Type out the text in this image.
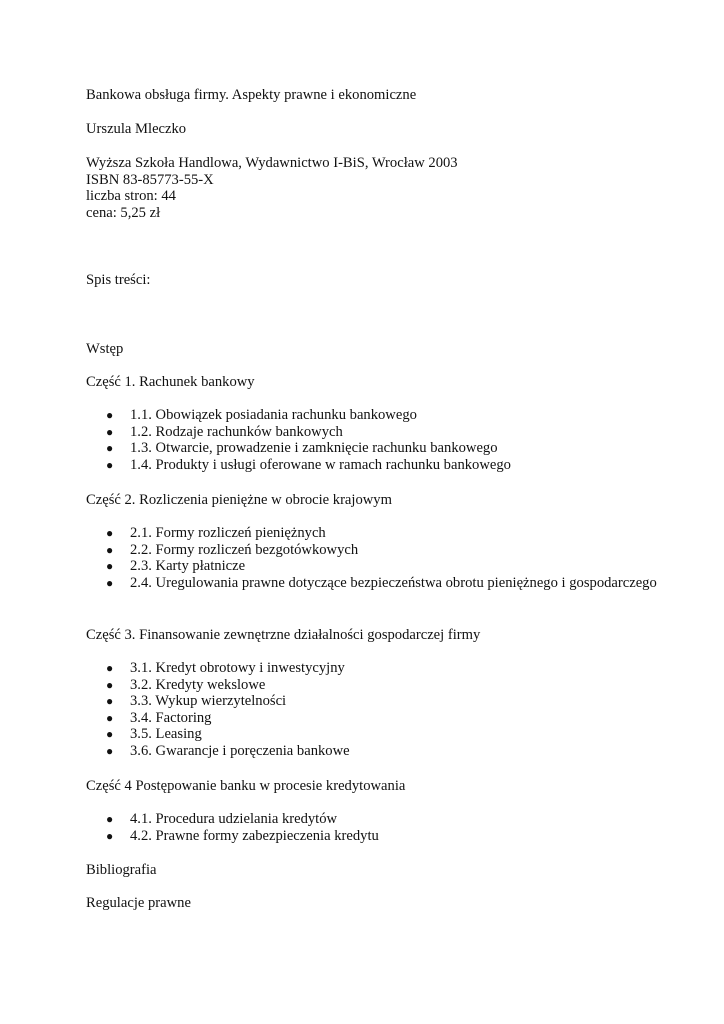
Bankowa obsługa firmy. Aspekty prawne i ekonomiczne

Urszula Mleczko

Wyższa Szkoła Handlowa, Wydawnictwo I-BiS, Wrocław 2003
ISBN 83-85773-55-X
liczba stron: 44
cena: 5,25 zł

Spis treści:

Wstęp

Część 1. Rachunek bankowy

● 1.1. Obowiązek posiadania rachunku bankowego
● 1.2. Rodzaje rachunków bankowych
● 1.3. Otwarcie, prowadzenie i zamknięcie rachunku bankowego
● 1.4. Produkty i usługi oferowane w ramach rachunku bankowego

Część 2. Rozliczenia pieniężne w obrocie krajowym

● 2.1. Formy rozliczeń pieniężnych
● 2.2. Formy rozliczeń bezgotówkowych
● 2.3. Karty płatnicze
● 2.4. Uregulowania prawne dotyczące bezpieczeństwa obrotu pieniężnego i gospodarczego

Część 3. Finansowanie zewnętrzne działalności gospodarczej firmy

● 3.1. Kredyt obrotowy i inwestycyjny
● 3.2. Kredyty wekslowe
● 3.3. Wykup wierzytelności
● 3.4. Factoring
● 3.5. Leasing
● 3.6. Gwarancje i poręczenia bankowe

Część 4 Postępowanie banku w procesie kredytowania

● 4.1. Procedura udzielania kredytów
● 4.2. Prawne formy zabezpieczenia kredytu

Bibliografia

Regulacje prawne
